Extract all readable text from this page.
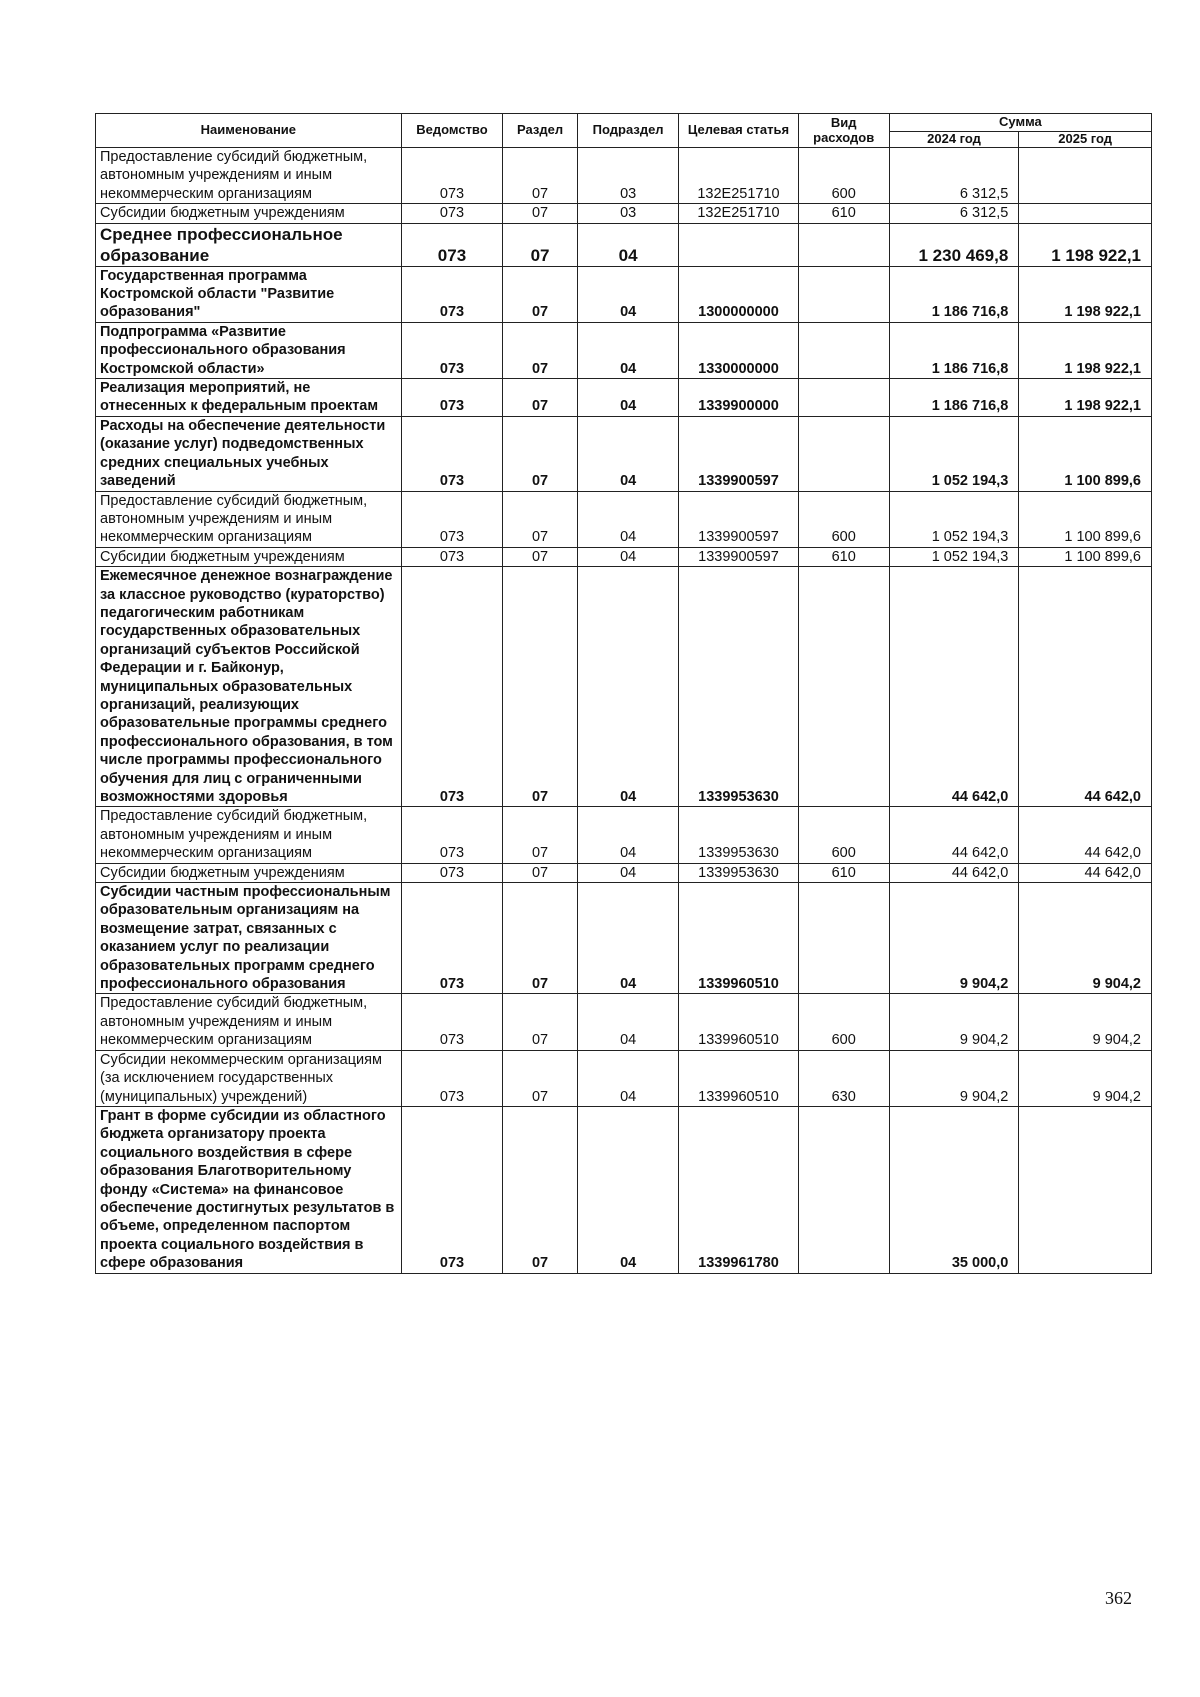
Наименование	Ведомство	Раздел	Подраздел	Целевая статья	Вид расходов	Сумма	
						2024 год	2025 год
Предоставление субсидий бюджетным, автономным учреждениям и иным некоммерческим организациям	073	07	03	132E251710	600	6 312,5	
Субсидии бюджетным учреждениям	073	07	03	132E251710	610	6 312,5	
Среднее профессиональное образование	073	07	04			1 230 469,8	1 198 922,1
Государственная программа Костромской области "Развитие образования"	073	07	04	1300000000		1 186 716,8	1 198 922,1
Подпрограмма «Развитие профессионального образования Костромской области»	073	07	04	1330000000		1 186 716,8	1 198 922,1
Реализация мероприятий, не отнесенных к федеральным проектам	073	07	04	1339900000		1 186 716,8	1 198 922,1
Расходы на обеспечение деятельности (оказание услуг) подведомственных средних специальных учебных заведений	073	07	04	1339900597		1 052 194,3	1 100 899,6
Предоставление субсидий бюджетным, автономным учреждениям и иным некоммерческим организациям	073	07	04	1339900597	600	1 052 194,3	1 100 899,6
Субсидии бюджетным учреждениям	073	07	04	1339900597	610	1 052 194,3	1 100 899,6
Ежемесячное денежное вознаграждение за классное руководство (кураторство) педагогическим работникам государственных образовательных организаций субъектов Российской Федерации и г. Байконур, муниципальных образовательных организаций, реализующих образовательные программы среднего профессионального образования, в том числе программы профессионального обучения для лиц с ограниченными возможностями здоровья	073	07	04	1339953630		44 642,0	44 642,0
Предоставление субсидий бюджетным, автономным учреждениям и иным некоммерческим организациям	073	07	04	1339953630	600	44 642,0	44 642,0
Субсидии бюджетным учреждениям	073	07	04	1339953630	610	44 642,0	44 642,0
Субсидии частным профессиональным образовательным организациям на возмещение затрат, связанных с оказанием услуг по реализации образовательных программ среднего профессионального образования	073	07	04	1339960510		9 904,2	9 904,2
Предоставление субсидий бюджетным, автономным учреждениям и иным некоммерческим организациям	073	07	04	1339960510	600	9 904,2	9 904,2
Субсидии некоммерческим организациям (за исключением государственных (муниципальных) учреждений)	073	07	04	1339960510	630	9 904,2	9 904,2
Грант в форме субсидии из областного бюджета организатору проекта социального воздействия в сфере образования Благотворительному фонду «Система» на финансовое обеспечение достигнутых результатов в объеме, определенном паспортом проекта социального воздействия в сфере образования	073	07	04	1339961780		35 000,0	
362
